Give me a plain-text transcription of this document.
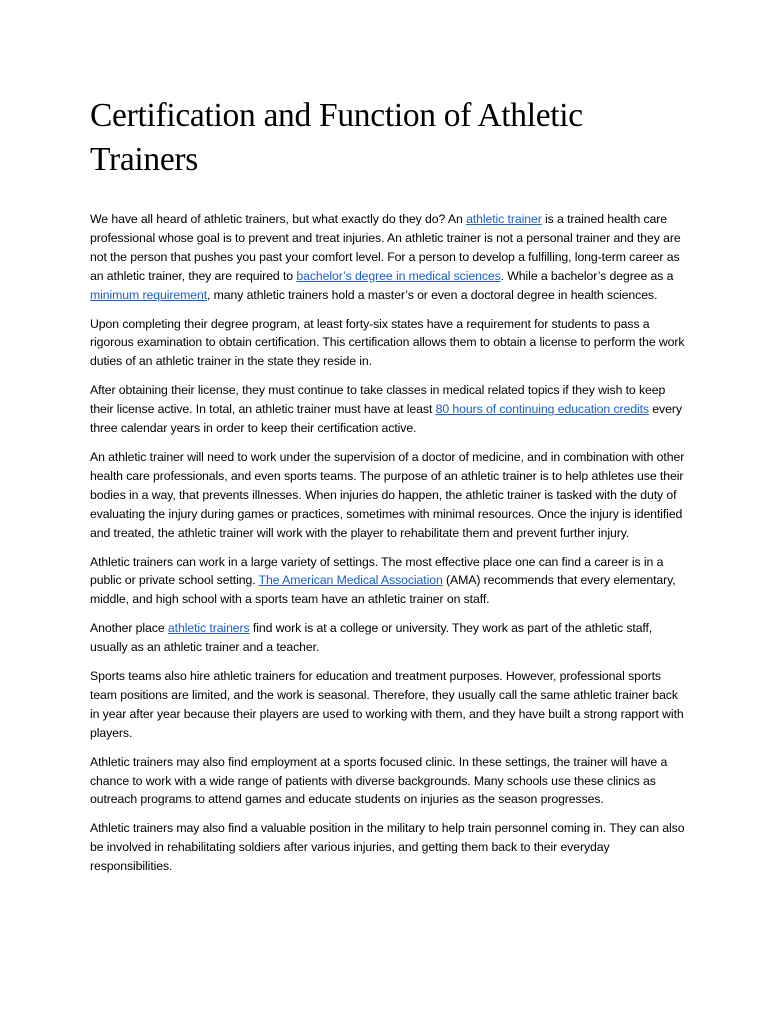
Certification and Function of Athletic Trainers

We have all heard of athletic trainers, but what exactly do they do? An athletic trainer is a trained health care professional whose goal is to prevent and treat injuries. An athletic trainer is not a personal trainer and they are not the person that pushes you past your comfort level. For a person to develop a fulfilling, long-term career as an athletic trainer, they are required to bachelor’s degree in medical sciences. While a bachelor’s degree as a minimum requirement, many athletic trainers hold a master’s or even a doctoral degree in health sciences.

Upon completing their degree program, at least forty-six states have a requirement for students to pass a rigorous examination to obtain certification. This certification allows them to obtain a license to perform the work duties of an athletic trainer in the state they reside in.

After obtaining their license, they must continue to take classes in medical related topics if they wish to keep their license active. In total, an athletic trainer must have at least 80 hours of continuing education credits every three calendar years in order to keep their certification active.

An athletic trainer will need to work under the supervision of a doctor of medicine, and in combination with other health care professionals, and even sports teams. The purpose of an athletic trainer is to help athletes use their bodies in a way, that prevents illnesses. When injuries do happen, the athletic trainer is tasked with the duty of evaluating the injury during games or practices, sometimes with minimal resources. Once the injury is identified and treated, the athletic trainer will work with the player to rehabilitate them and prevent further injury.

Athletic trainers can work in a large variety of settings. The most effective place one can find a career is in a public or private school setting. The American Medical Association (AMA) recommends that every elementary, middle, and high school with a sports team have an athletic trainer on staff.

Another place athletic trainers find work is at a college or university. They work as part of the athletic staff, usually as an athletic trainer and a teacher.

Sports teams also hire athletic trainers for education and treatment purposes. However, professional sports team positions are limited, and the work is seasonal. Therefore, they usually call the same athletic trainer back in year after year because their players are used to working with them, and they have built a strong rapport with players.

Athletic trainers may also find employment at a sports focused clinic. In these settings, the trainer will have a chance to work with a wide range of patients with diverse backgrounds. Many schools use these clinics as outreach programs to attend games and educate students on injuries as the season progresses.

Athletic trainers may also find a valuable position in the military to help train personnel coming in. They can also be involved in rehabilitating soldiers after various injuries, and getting them back to their everyday responsibilities.
